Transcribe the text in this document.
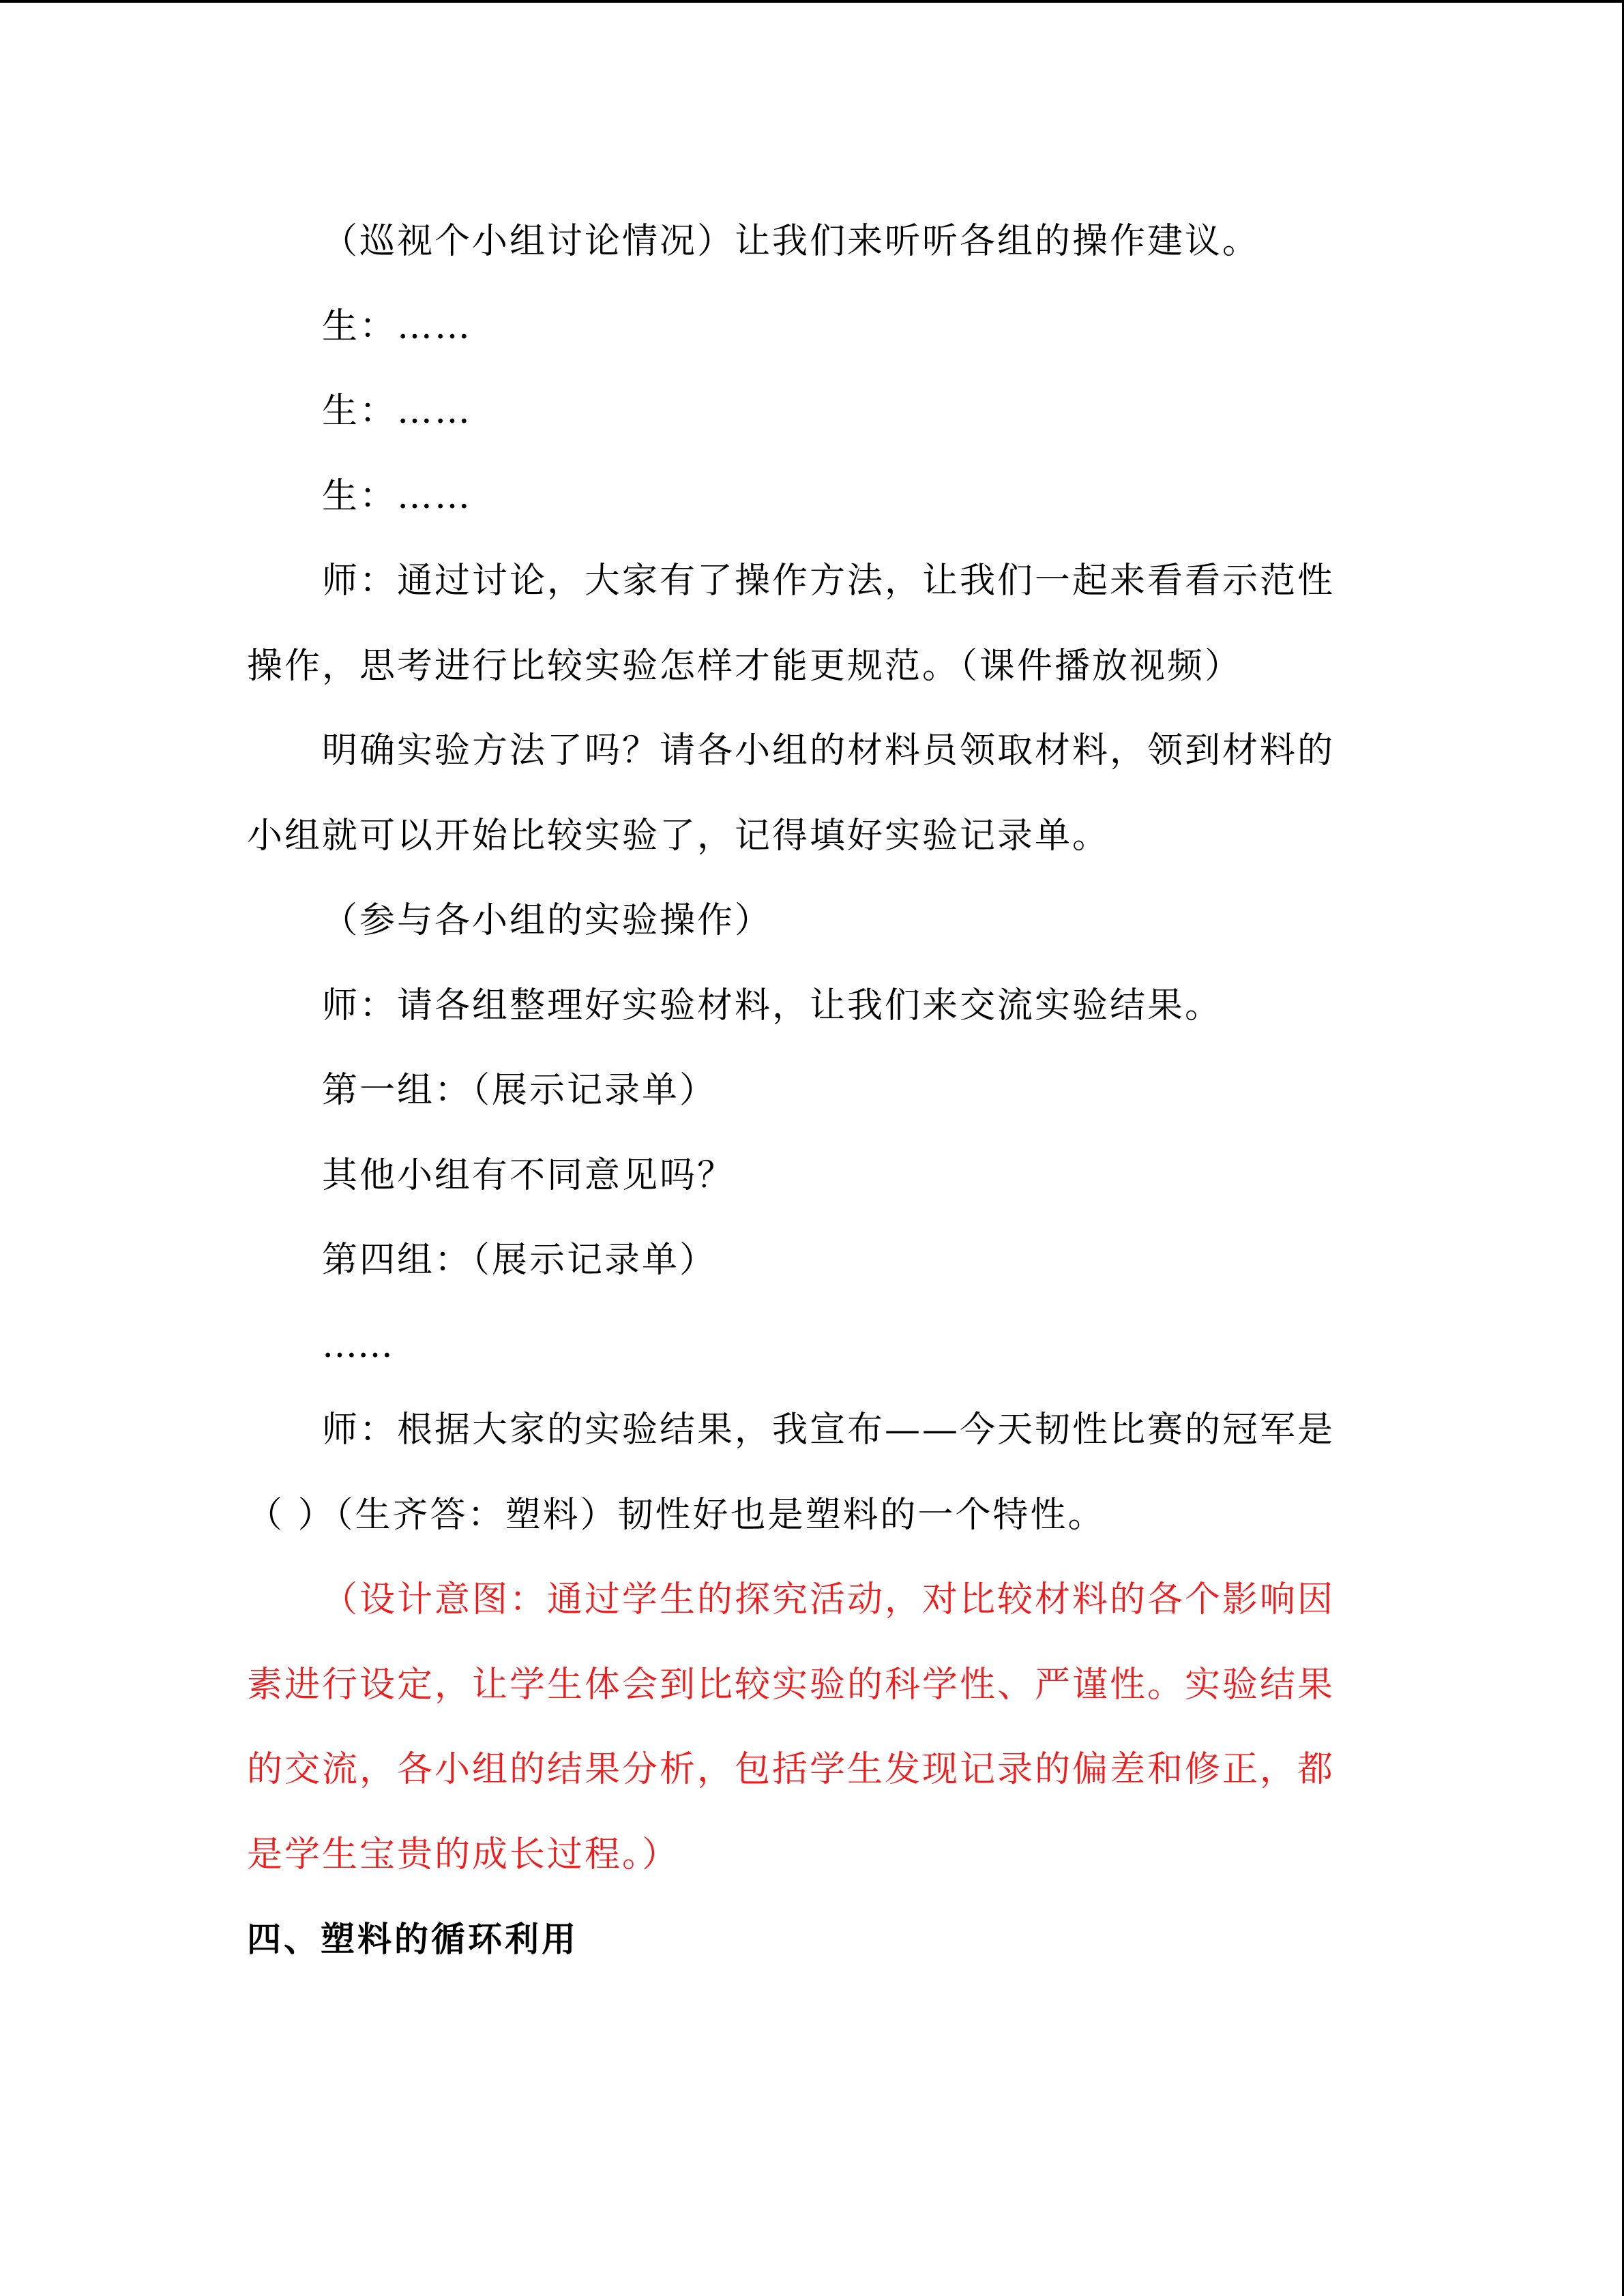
（巡视个小组讨论情况）让我们来听听各组的操作建议。

生：……

生：……

生：……

师：通过讨论，大家有了操作方法，让我们一起来看看示范性

操作，思考进行比较实验怎样才能更规范。（课件播放视频）

明确实验方法了吗？请各小组的材料员领取材料，领到材料的

小组就可以开始比较实验了，记得填好实验记录单。

（参与各小组的实验操作）

师：请各组整理好实验材料，让我们来交流实验结果。

第一组：（展示记录单）

其他小组有不同意见吗？

第四组：（展示记录单）

……

师：根据大家的实验结果，我宣布——今天韧性比赛的冠军是

（ ）（生齐答：塑料）韧性好也是塑料的一个特性。

（设计意图：通过学生的探究活动，对比较材料的各个影响因

素进行设定，让学生体会到比较实验的科学性、严谨性。实验结果

的交流，各小组的结果分析，包括学生发现记录的偏差和修正，都

是学生宝贵的成长过程。）

四、塑料的循环利用
